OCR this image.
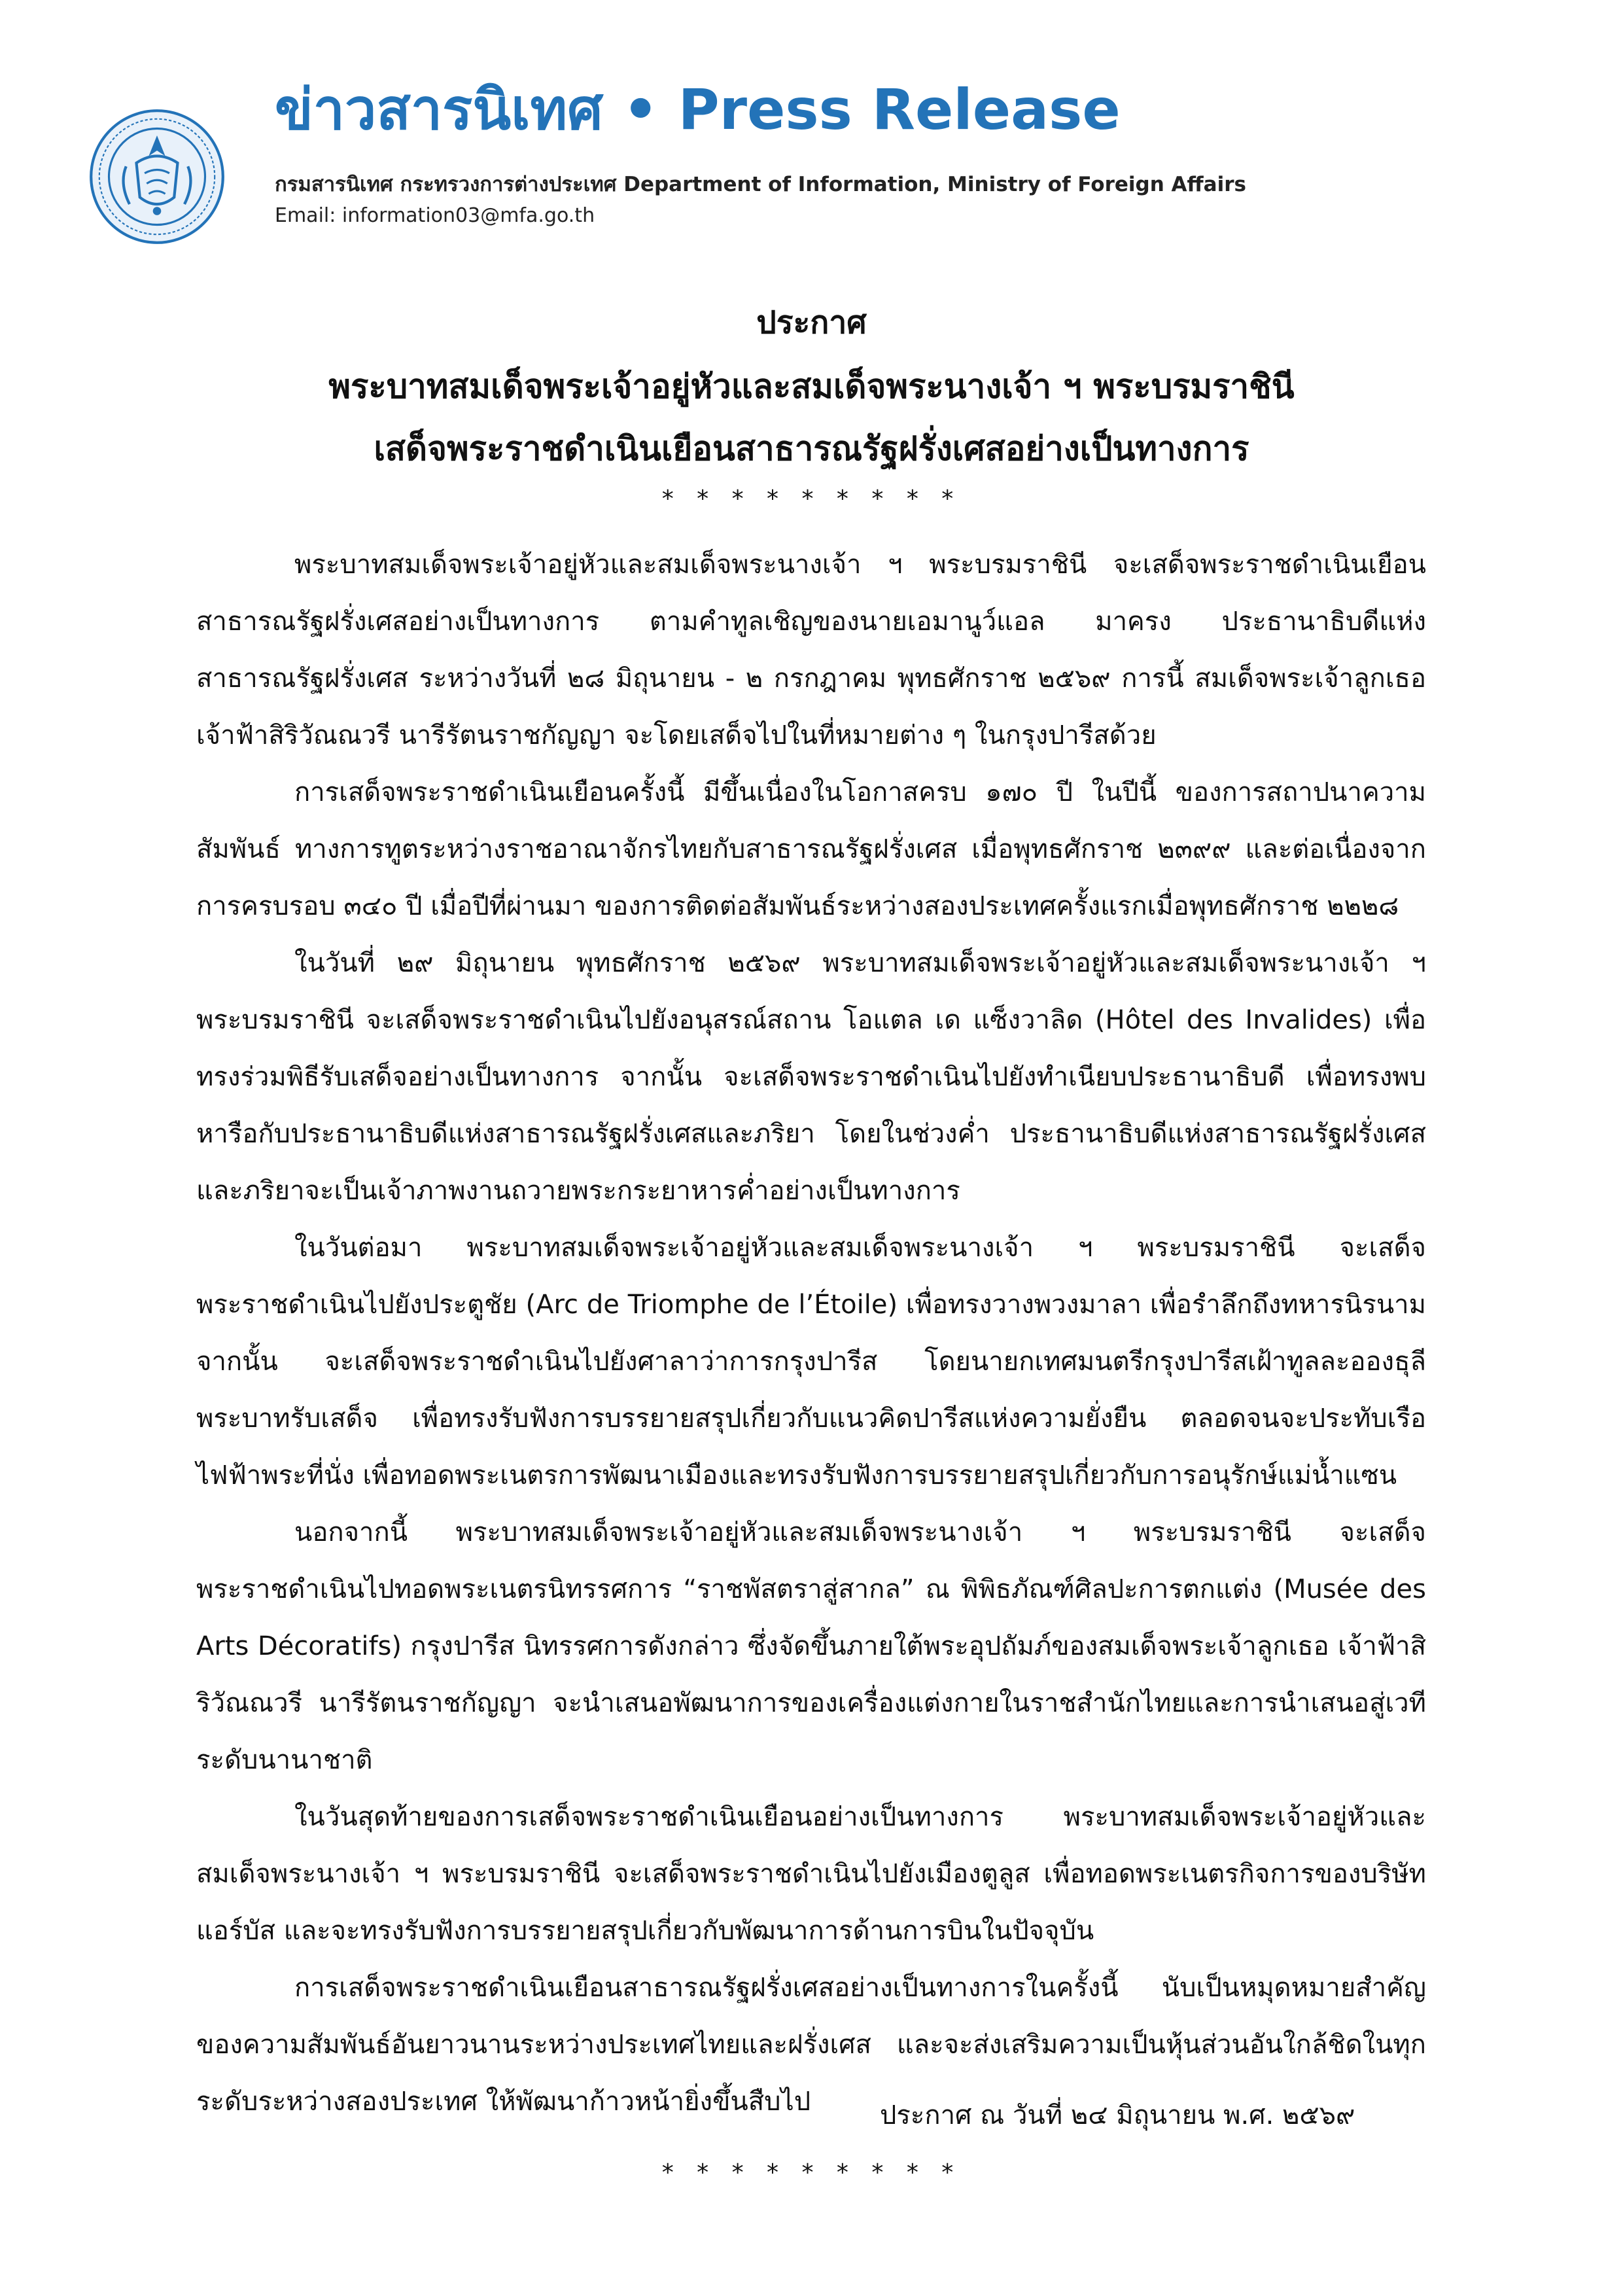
ข่าวสารนิเทศ • Press Release
กรมสารนิเทศ กระทรวงการต่างประเทศ Department of Information, Ministry of Foreign Affairs
Email: information03@mfa.go.th
ประกาศ
พระบาทสมเด็จพระเจ้าอยู่หัวและสมเด็จพระนางเจ้า ฯ พระบรมราชินี
เสด็จพระราชดำเนินเยือนสาธารณรัฐฝรั่งเศสอย่างเป็นทางการ
* * * * * * * * *

พระบาทสมเด็จพระเจ้าอยู่หัวและสมเด็จพระนางเจ้า ฯ พระบรมราชินี จะเสด็จพระราชดำเนินเยือนสาธารณรัฐฝรั่งเศสอย่างเป็นทางการ ตามคำทูลเชิญของนายเอมานูว์แอล มาครง ประธานาธิบดีแห่งสาธารณรัฐฝรั่งเศส ระหว่างวันที่ ๒๘ มิถุนายน - ๒ กรกฎาคม พุทธศักราช ๒๕๖๙ การนี้ สมเด็จพระเจ้าลูกเธอ เจ้าฟ้าสิริวัณณวรี นารีรัตนราชกัญญา จะโดยเสด็จไปในที่หมายต่าง ๆ ในกรุงปารีสด้วย

การเสด็จพระราชดำเนินเยือนครั้งนี้ มีขึ้นเนื่องในโอกาสครบ ๑๗๐ ปี ในปีนี้ ของการสถาปนาความสัมพันธ์ ทางการทูตระหว่างราชอาณาจักรไทยกับสาธารณรัฐฝรั่งเศส เมื่อพุทธศักราช ๒๓๙๙ และต่อเนื่องจากการครบรอบ ๓๔๐ ปี เมื่อปีที่ผ่านมา ของการติดต่อสัมพันธ์ระหว่างสองประเทศครั้งแรกเมื่อพุทธศักราช ๒๒๒๘

ในวันที่ ๒๙ มิถุนายน พุทธศักราช ๒๕๖๙ พระบาทสมเด็จพระเจ้าอยู่หัวและสมเด็จพระนางเจ้า ฯ พระบรมราชินี จะเสด็จพระราชดำเนินไปยังอนุสรณ์สถาน โอแตล เด แซ็งวาลิด (Hôtel des Invalides) เพื่อทรงร่วมพิธีรับเสด็จอย่างเป็นทางการ จากนั้น จะเสด็จพระราชดำเนินไปยังทำเนียบประธานาธิบดี เพื่อทรงพบหารือกับประธานาธิบดีแห่งสาธารณรัฐฝรั่งเศสและภริยา โดยในช่วงค่ำ ประธานาธิบดีแห่งสาธารณรัฐฝรั่งเศสและภริยาจะเป็นเจ้าภาพงานถวายพระกระยาหารค่ำอย่างเป็นทางการ

ในวันต่อมา พระบาทสมเด็จพระเจ้าอยู่หัวและสมเด็จพระนางเจ้า ฯ พระบรมราชินี จะเสด็จพระราชดำเนินไปยังประตูชัย (Arc de Triomphe de l’Étoile) เพื่อทรงวางพวงมาลา เพื่อรำลึกถึงทหารนิรนาม จากนั้น จะเสด็จพระราชดำเนินไปยังศาลาว่าการกรุงปารีส โดยนายกเทศมนตรีกรุงปารีสเฝ้าทูลละอองธุลีพระบาทรับเสด็จ เพื่อทรงรับฟังการบรรยายสรุปเกี่ยวกับแนวคิดปารีสแห่งความยั่งยืน ตลอดจนจะประทับเรือไฟฟ้าพระที่นั่ง เพื่อทอดพระเนตรการพัฒนาเมืองและทรงรับฟังการบรรยายสรุปเกี่ยวกับการอนุรักษ์แม่น้ำแซน

นอกจากนี้ พระบาทสมเด็จพระเจ้าอยู่หัวและสมเด็จพระนางเจ้า ฯ พระบรมราชินี จะเสด็จพระราชดำเนินไปทอดพระเนตรนิทรรศการ “ราชพัสตราสู่สากล” ณ พิพิธภัณฑ์ศิลปะการตกแต่ง (Musée des Arts Décoratifs) กรุงปารีส นิทรรศการดังกล่าว ซึ่งจัดขึ้นภายใต้พระอุปถัมภ์ของสมเด็จพระเจ้าลูกเธอ เจ้าฟ้าสิริวัณณวรี นารีรัตนราชกัญญา จะนำเสนอพัฒนาการของเครื่องแต่งกายในราชสำนักไทยและการนำเสนอสู่เวทีระดับนานาชาติ

ในวันสุดท้ายของการเสด็จพระราชดำเนินเยือนอย่างเป็นทางการ พระบาทสมเด็จพระเจ้าอยู่หัวและสมเด็จพระนางเจ้า ฯ พระบรมราชินี จะเสด็จพระราชดำเนินไปยังเมืองตูลูส เพื่อทอดพระเนตรกิจการของบริษัทแอร์บัส และจะทรงรับฟังการบรรยายสรุปเกี่ยวกับพัฒนาการด้านการบินในปัจจุบัน

การเสด็จพระราชดำเนินเยือนสาธารณรัฐฝรั่งเศสอย่างเป็นทางการในครั้งนี้ นับเป็นหมุดหมายสำคัญของความสัมพันธ์อันยาวนานระหว่างประเทศไทยและฝรั่งเศส และจะส่งเสริมความเป็นหุ้นส่วนอันใกล้ชิดในทุกระดับระหว่างสองประเทศ ให้พัฒนาก้าวหน้ายิ่งขึ้นสืบไป	ประกาศ ณ วันที่ ๒๔ มิถุนายน พ.ศ. ๒๕๖๙
* * * * * * * * *
